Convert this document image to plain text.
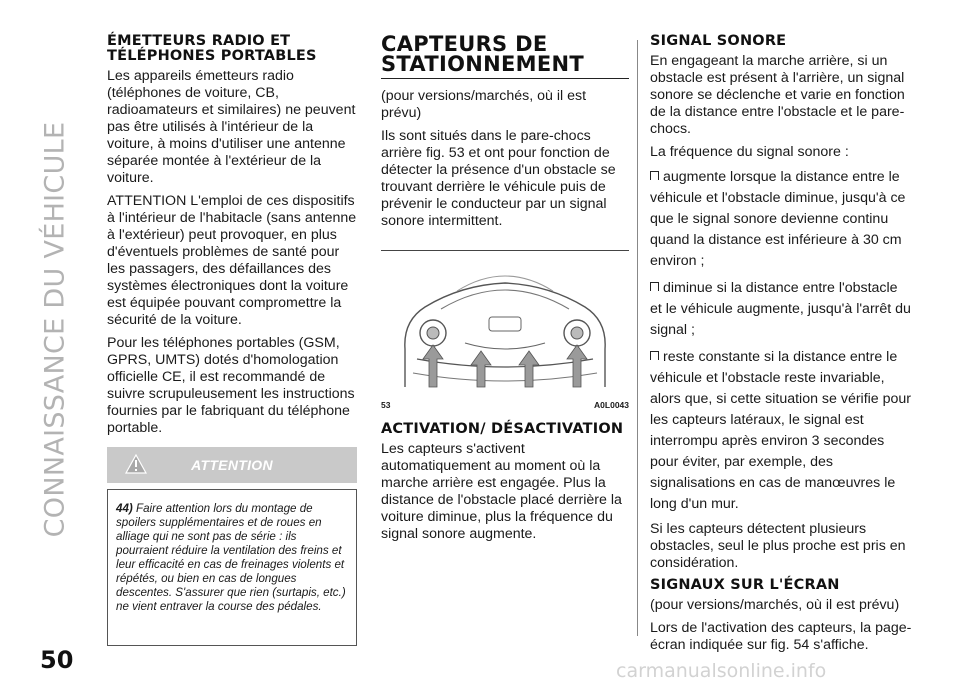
CONNAISSANCE DU VÉHICULE
50	carmanualsonline.info
ÉMETTEURS RADIO ET TÉLÉPHONES PORTABLES
Les appareils émetteurs radio (téléphones de voiture, CB, radioamateurs et similaires) ne peuvent pas être utilisés à l'intérieur de la voiture, à moins d'utiliser une antenne séparée montée à l'extérieur de la voiture.
ATTENTION L'emploi de ces dispositifs à l'intérieur de l'habitacle (sans antenne à l'extérieur) peut provoquer, en plus d'éventuels problèmes de santé pour les passagers, des défaillances des systèmes électroniques dont la voiture est équipée pouvant compromettre la sécurité de la voiture.
Pour les téléphones portables (GSM, GPRS, UMTS) dotés d'homologation officielle CE, il est recommandé de suivre scrupuleusement les instructions fournies par le fabriquant du téléphone portable.
ATTENTION
44) Faire attention lors du montage de spoilers supplémentaires et de roues en alliage qui ne sont pas de série : ils pourraient réduire la ventilation des freins et leur efficacité en cas de freinages violents et répétés, ou bien en cas de longues descentes. S'assurer que rien (surtapis, etc.) ne vient entraver la course des pédales.
CAPTEURS DE STATIONNEMENT
(pour versions/marchés, où il est prévu)
Ils sont situés dans le pare-chocs arrière fig. 53 et ont pour fonction de détecter la présence d'un obstacle se trouvant derrière le véhicule puis de prévenir le conducteur par un signal sonore intermittent.
53	A0L0043
ACTIVATION/ DÉSACTIVATION
Les capteurs s'activent automatiquement au moment où la marche arrière est engagée. Plus la distance de l'obstacle placé derrière la voiture diminue, plus la fréquence du signal sonore augmente.
SIGNAL SONORE
En engageant la marche arrière, si un obstacle est présent à l'arrière, un signal sonore se déclenche et varie en fonction de la distance entre l'obstacle et le pare-chocs.
La fréquence du signal sonore :
augmente lorsque la distance entre le véhicule et l'obstacle diminue, jusqu'à ce que le signal sonore devienne continu quand la distance est inférieure à 30 cm environ ;
diminue si la distance entre l'obstacle et le véhicule augmente, jusqu'à l'arrêt du signal ;
reste constante si la distance entre le véhicule et l'obstacle reste invariable, alors que, si cette situation se vérifie pour les capteurs latéraux, le signal est interrompu après environ 3 secondes pour éviter, par exemple, des signalisations en cas de manœuvres le long d'un mur.
Si les capteurs détectent plusieurs obstacles, seul le plus proche est pris en considération.
SIGNAUX SUR L'ÉCRAN
(pour versions/marchés, où il est prévu)
Lors de l'activation des capteurs, la page-écran indiquée sur fig. 54 s'affiche.
